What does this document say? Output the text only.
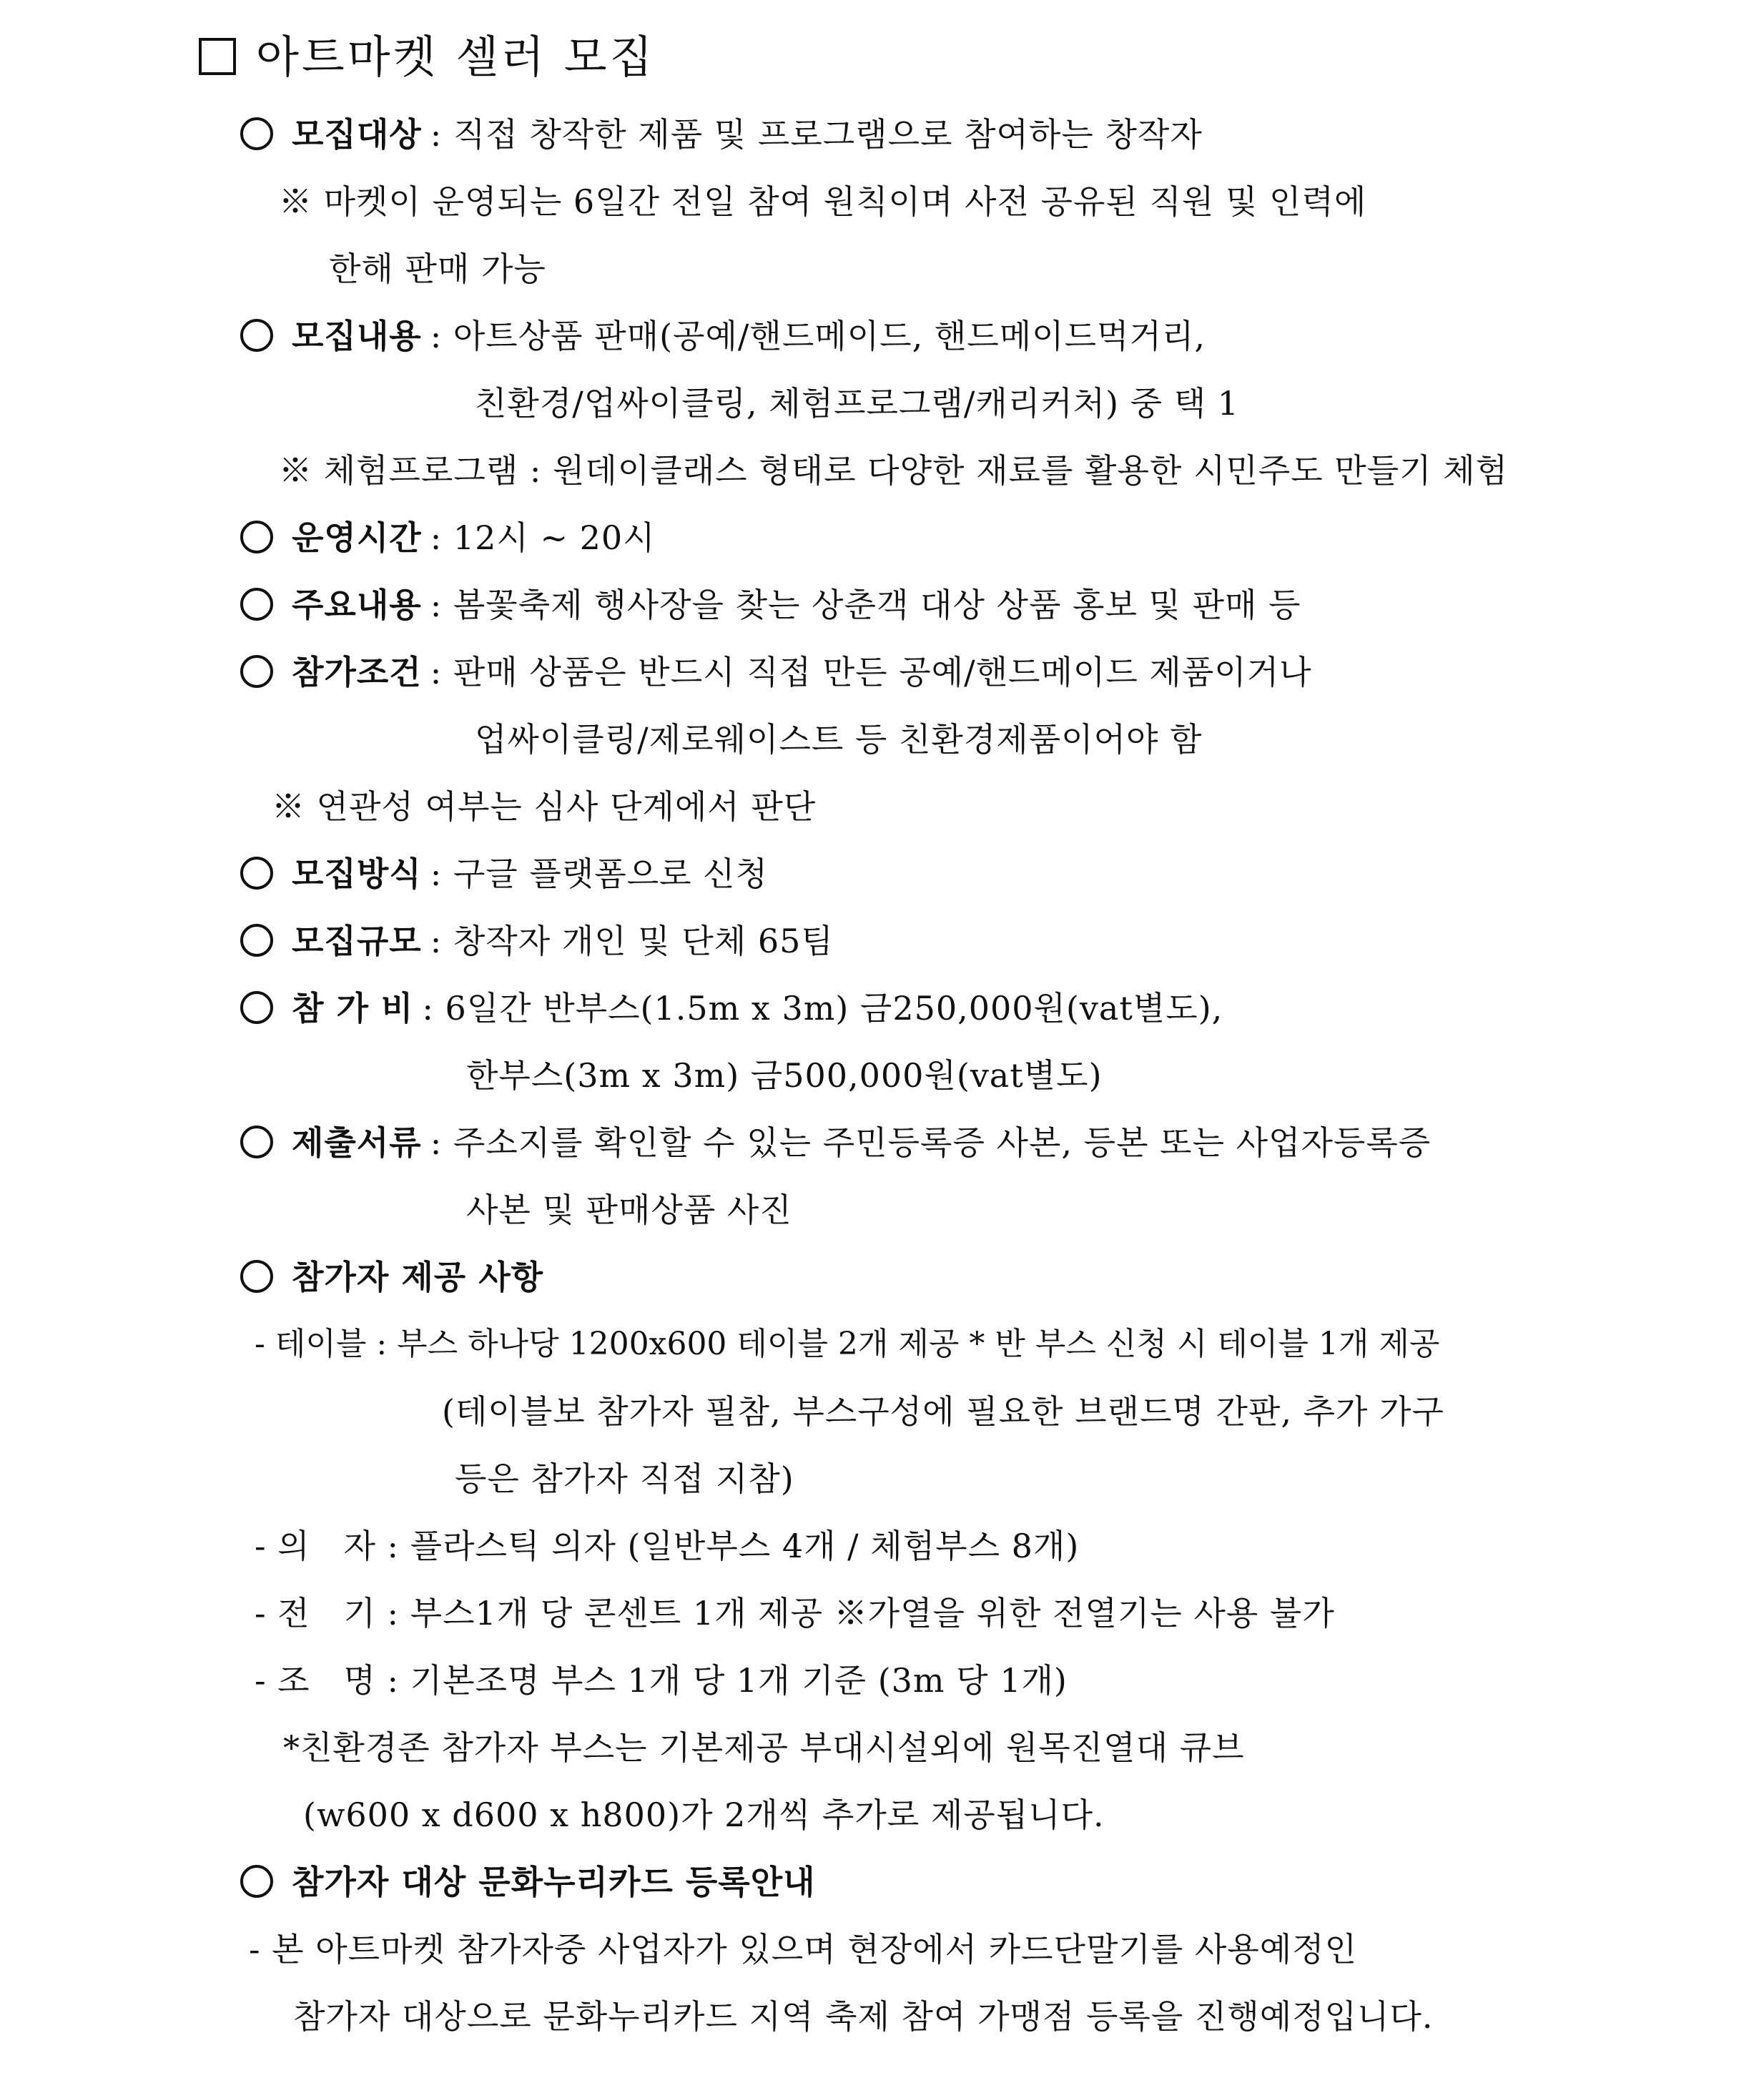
아트마켓 셀러 모집
모집대상 : 직접 창작한 제품 및 프로그램으로 참여하는 창작자
※ 마켓이 운영되는 6일간 전일 참여 원칙이며 사전 공유된 직원 및 인력에
한해 판매 가능
모집내용 : 아트상품 판매(공예/핸드메이드, 핸드메이드먹거리,
친환경/업싸이클링, 체험프로그램/캐리커처) 중 택 1
※ 체험프로그램 : 원데이클래스 형태로 다양한 재료를 활용한 시민주도 만들기 체험
운영시간 : 12시 ~ 20시
주요내용 : 봄꽃축제 행사장을 찾는 상춘객 대상 상품 홍보 및 판매 등
참가조건 : 판매 상품은 반드시 직접 만든 공예/핸드메이드 제품이거나
업싸이클링/제로웨이스트 등 친환경제품이어야 함
※ 연관성 여부는 심사 단계에서 판단
모집방식 : 구글 플랫폼으로 신청
모집규모 : 창작자 개인 및 단체 65팀
참 가 비 : 6일간 반부스(1.5m x 3m) 금250,000원(vat별도),
한부스(3m x 3m) 금500,000원(vat별도)
제출서류 : 주소지를 확인할 수 있는 주민등록증 사본, 등본 또는 사업자등록증
사본 및 판매상품 사진
참가자 제공 사항
- 테이블 : 부스 하나당 1200x600 테이블 2개 제공 * 반 부스 신청 시 테이블 1개 제공
(테이블보 참가자 필참, 부스구성에 필요한 브랜드명 간판, 추가 가구
등은 참가자 직접 지참)
- 의   자 : 플라스틱 의자 (일반부스 4개 / 체험부스 8개)
- 전   기 : 부스1개 당 콘센트 1개 제공 ※가열을 위한 전열기는 사용 불가
- 조   명 : 기본조명 부스 1개 당 1개 기준 (3m 당 1개)
*친환경존 참가자 부스는 기본제공 부대시설외에 원목진열대 큐브
(w600 x d600 x h800)가 2개씩 추가로 제공됩니다.
참가자 대상 문화누리카드 등록안내
- 본 아트마켓 참가자중 사업자가 있으며 현장에서 카드단말기를 사용예정인
참가자 대상으로 문화누리카드 지역 축제 참여 가맹점 등록을 진행예정입니다.
